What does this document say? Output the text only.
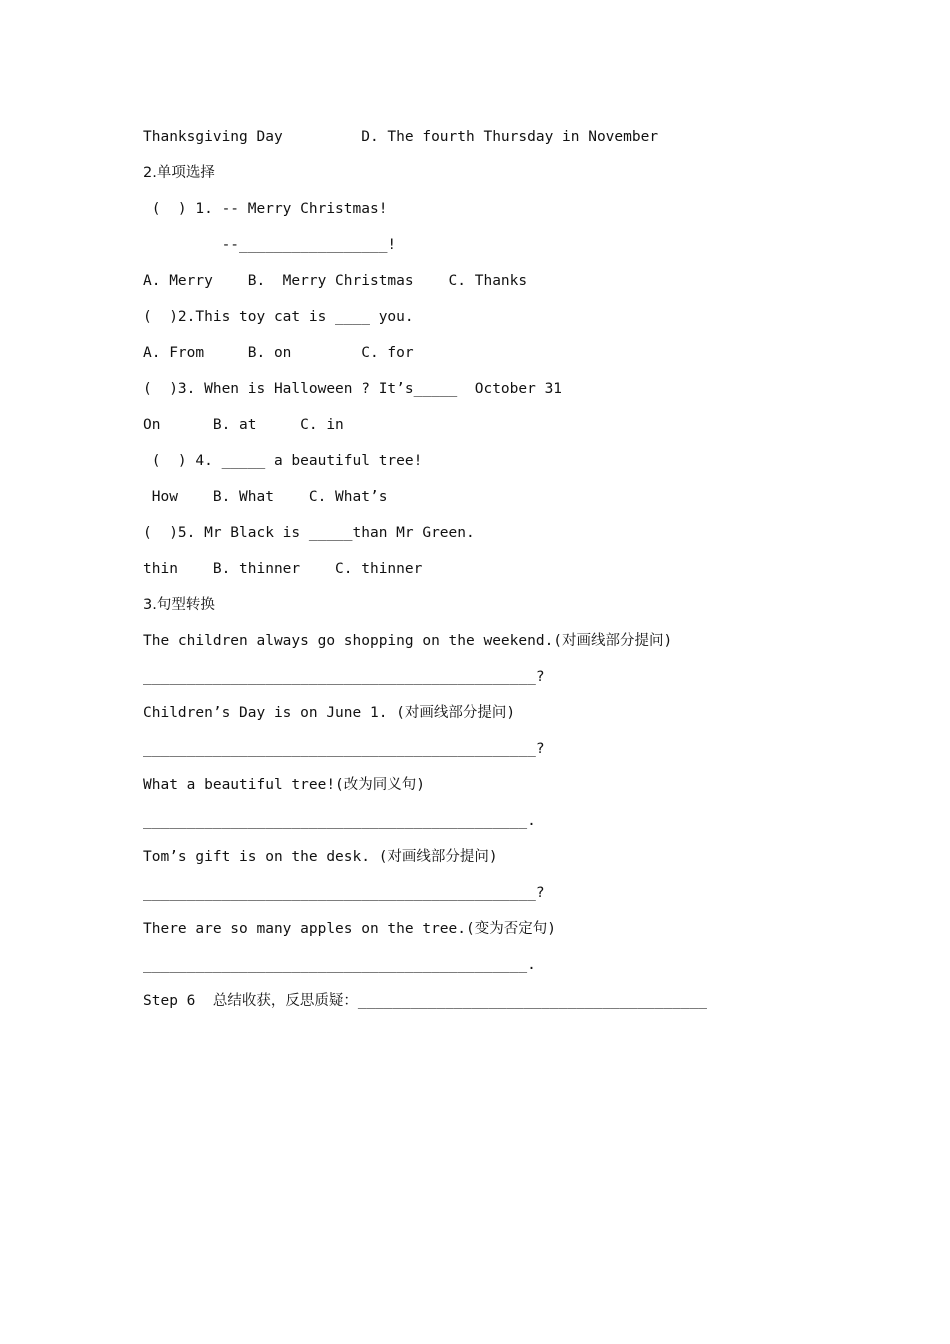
Thanksgiving Day         D. The fourth Thursday in November
2.单项选择
(  ) 1. -- Merry Christmas!
--_________________!
A. Merry    B.  Merry Christmas    C. Thanks
(  )2.This toy cat is ____ you.
A. From     B. on        C. for
(  )3. When is Halloween ? It’s_____  October 31
On      B. at     C. in
(  ) 4. _____ a beautiful tree!
How    B. What    C. What’s
(  )5. Mr Black is _____than Mr Green.
thin    B. thinner    C. thinner
3.句型转换
The children always go shopping on the weekend.(对画线部分提问)
_____________________________________________?
Children’s Day is on June 1. (对画线部分提问)
_____________________________________________?
What a beautiful tree!(改为同义句)
____________________________________________.
Tom’s gift is on the desk. (对画线部分提问)
_____________________________________________?
There are so many apples on the tree.(变为否定句)
____________________________________________.
Step 6  总结收获，反思质疑：________________________________________
